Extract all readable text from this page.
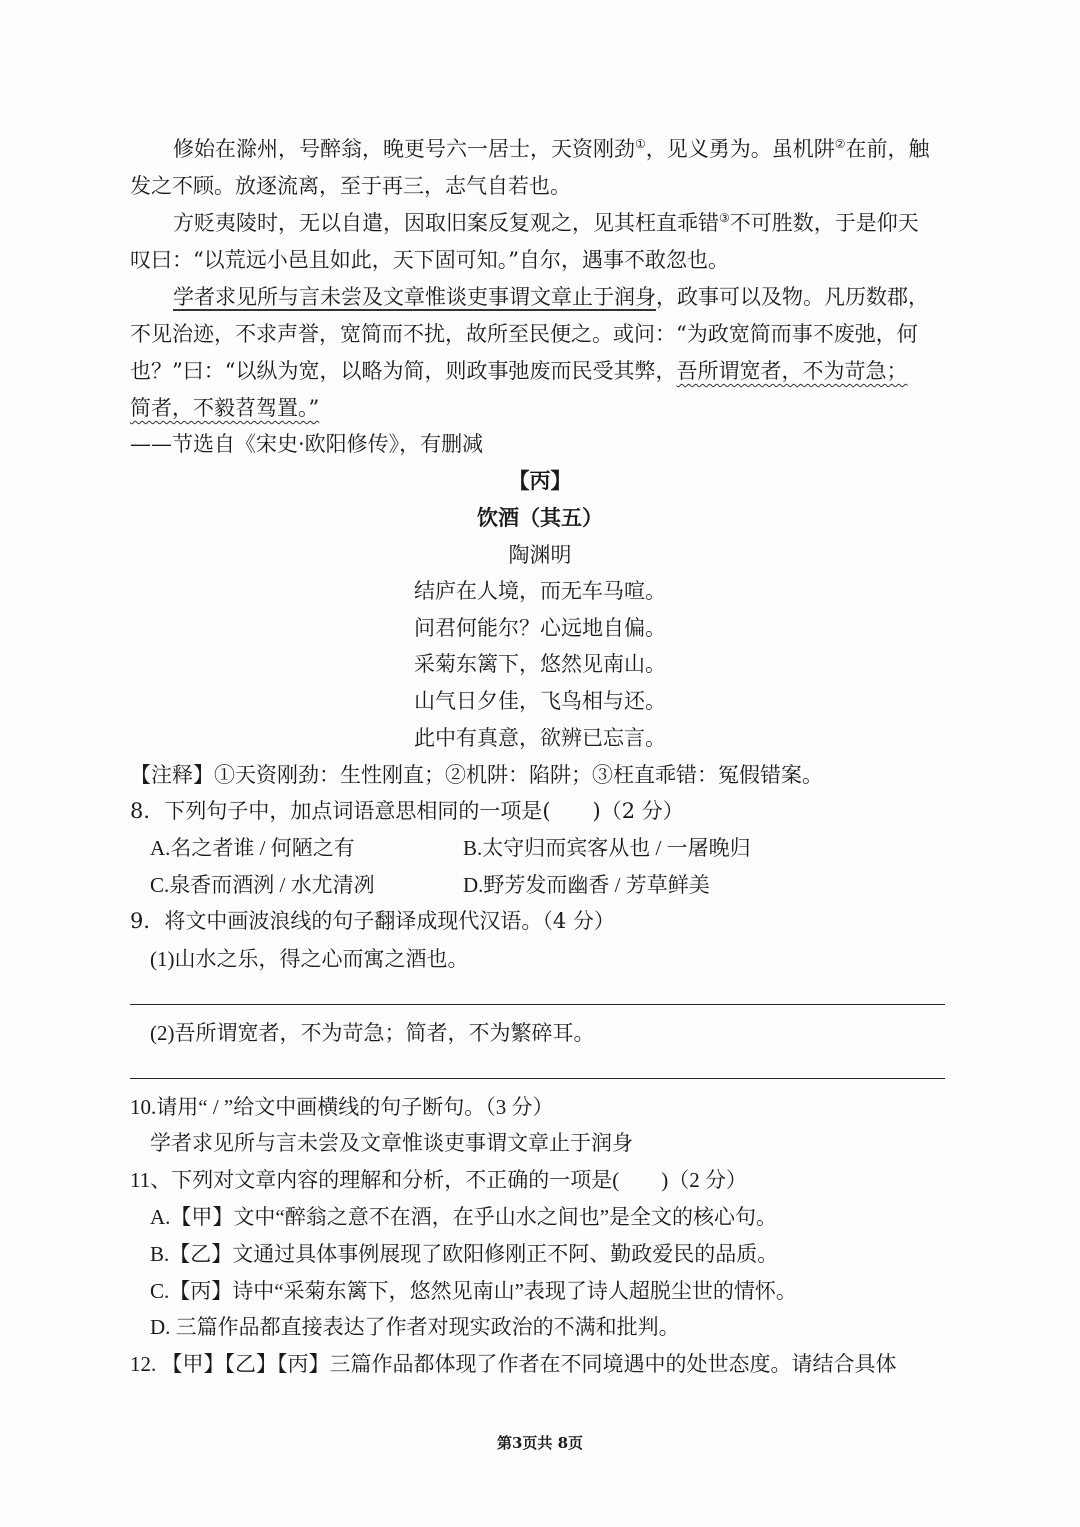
修始在滁州，号醉翁，晚更号六一居士，天资刚劲①，见义勇为。虽机阱②在前，触
发之不顾。放逐流离，至于再三，志气自若也。
方贬夷陵时，无以自遣，因取旧案反复观之，见其枉直乖错③不可胜数，于是仰天
叹曰：“以荒远小邑且如此，天下固可知。”自尔，遇事不敢忽也。
学者求见所与言未尝及文章惟谈吏事谓文章止于润身，政事可以及物。凡历数郡，
不见治迹，不求声誉，宽简而不扰，故所至民便之。或问：“为政宽简而事不废弛，何
也？”曰：“以纵为宽，以略为简，则政事弛废而民受其弊，吾所谓宽者，不为苛急；
简者，不毅苕驾置。”
——节选自《宋史·欧阳修传》，有删减
【丙】
饮酒（其五）
陶渊明
结庐在人境，而无车马喧。
问君何能尔？心远地自偏。
采菊东篱下，悠然见南山。
山气日夕佳，飞鸟相与还。
此中有真意，欲辨已忘言。
【注释】①天资刚劲：生性刚直；②机阱：陷阱；③枉直乖错：冤假错案。
8．下列句子中，加点词语意思相同的一项是(　　)（2 分）
A.名之者谁 / 何陋之有	B.太守归而宾客从也 / 一屠晚归
C.泉香而酒洌 / 水尤清冽	D.野芳发而幽香 / 芳草鲜美
9．将文中画波浪线的句子翻译成现代汉语。（4 分）
(1)山水之乐，得之心而寓之酒也。
(2)吾所谓宽者，不为苛急；简者，不为繁碎耳。
10.请用“ / ”给文中画横线的句子断句。（3 分）
学者求见所与言未尝及文章惟谈吏事谓文章止于润身
11、下列对文章内容的理解和分析，不正确的一项是(　　)（2 分）
A.【甲】文中“醉翁之意不在酒，在乎山水之间也”是全文的核心句。
B.【乙】文通过具体事例展现了欧阳修刚正不阿、勤政爱民的品质。
C.【丙】诗中“采菊东篱下，悠然见南山”表现了诗人超脱尘世的情怀。
D. 三篇作品都直接表达了作者对现实政治的不满和批判。
12. 【甲】【乙】【丙】三篇作品都体现了作者在不同境遇中的处世态度。请结合具体
第3页共 8页
